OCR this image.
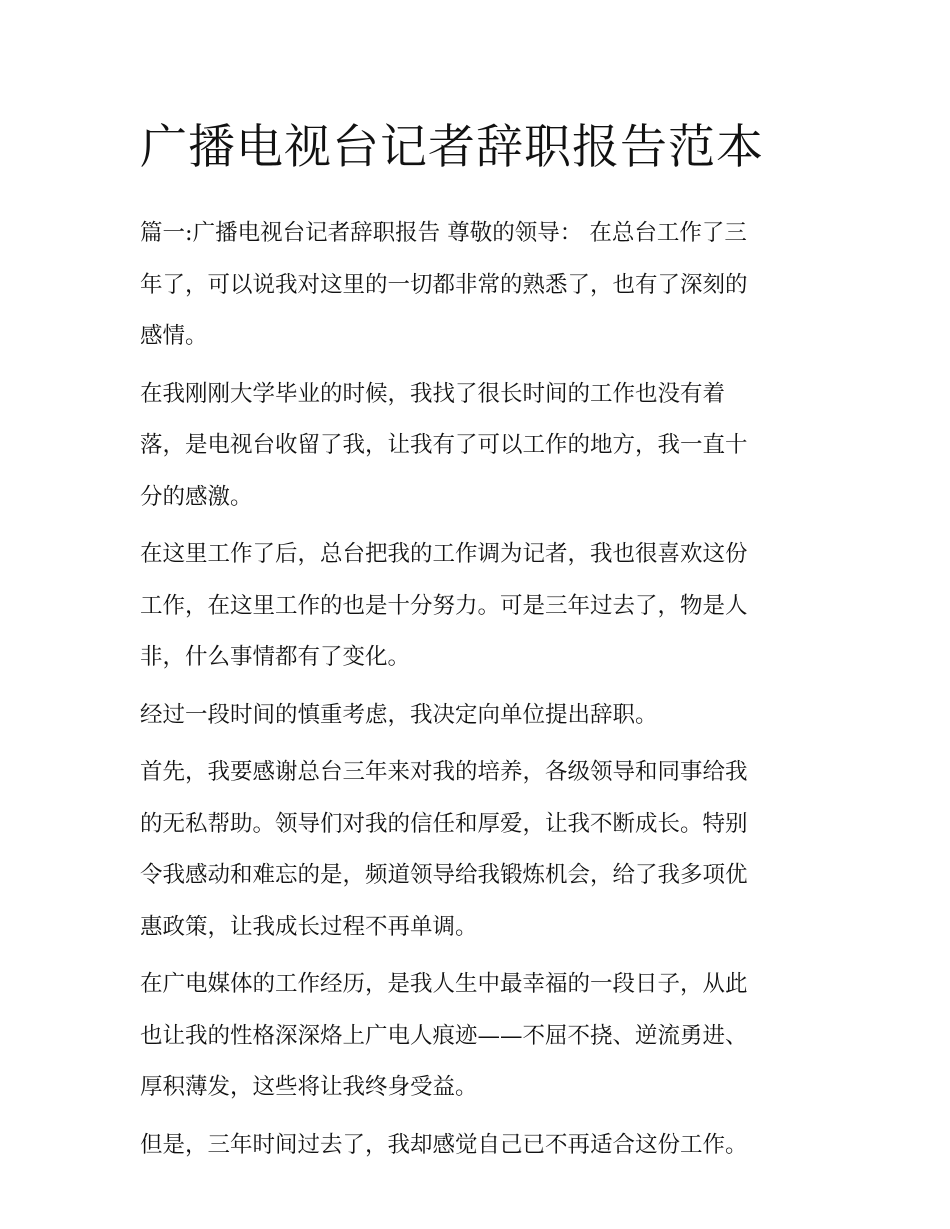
广播电视台记者辞职报告范本

篇一:广播电视台记者辞职报告 尊敬的领导： 在总台工作了三
年了，可以说我对这里的一切都非常的熟悉了，也有了深刻的
感情。

在我刚刚大学毕业的时候，我找了很长时间的工作也没有着
落，是电视台收留了我，让我有了可以工作的地方，我一直十
分的感激。

在这里工作了后，总台把我的工作调为记者，我也很喜欢这份
工作，在这里工作的也是十分努力。可是三年过去了，物是人
非，什么事情都有了变化。

经过一段时间的慎重考虑，我决定向单位提出辞职。

首先，我要感谢总台三年来对我的培养，各级领导和同事给我
的无私帮助。领导们对我的信任和厚爱，让我不断成长。特别
令我感动和难忘的是，频道领导给我锻炼机会，给了我多项优
惠政策，让我成长过程不再单调。

在广电媒体的工作经历，是我人生中最幸福的一段日子，从此
也让我的性格深深烙上广电人痕迹——不屈不挠、逆流勇进、
厚积薄发，这些将让我终身受益。

但是，三年时间过去了，我却感觉自己已不再适合这份工作。
